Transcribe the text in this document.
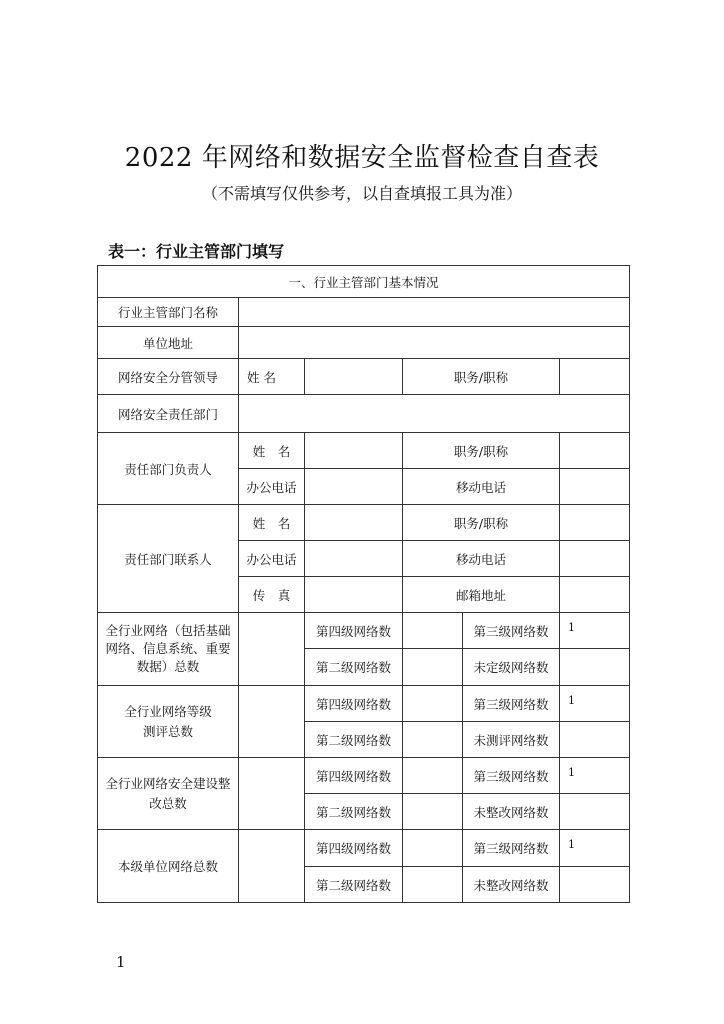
2022 年网络和数据安全监督检查自查表
（不需填写仅供参考，以自查填报工具为准）
表一：行业主管部门填写
一、行业主管部门基本情况					
行业主管部门名称					
单位地址					
网络安全分管领导	姓 名		职务/职称		
网络安全责任部门					
责任部门负责人	姓　名		职务/职称		
	办公电话		移动电话		
责任部门联系人	姓　名		职务/职称		
	办公电话		移动电话		
	传　真		邮箱地址		
全行业网络（包括基础网络、信息系统、重要数据）总数		第四级网络数		第三级网络数	1
		第二级网络数		未定级网络数	
全行业网络等级测评总数		第四级网络数		第三级网络数	1
		第二级网络数		未测评网络数	
全行业网络安全建设整改总数		第四级网络数		第三级网络数	1
		第二级网络数		未整改网络数	
本级单位网络总数		第四级网络数		第三级网络数	1
		第二级网络数		未整改网络数	
1
